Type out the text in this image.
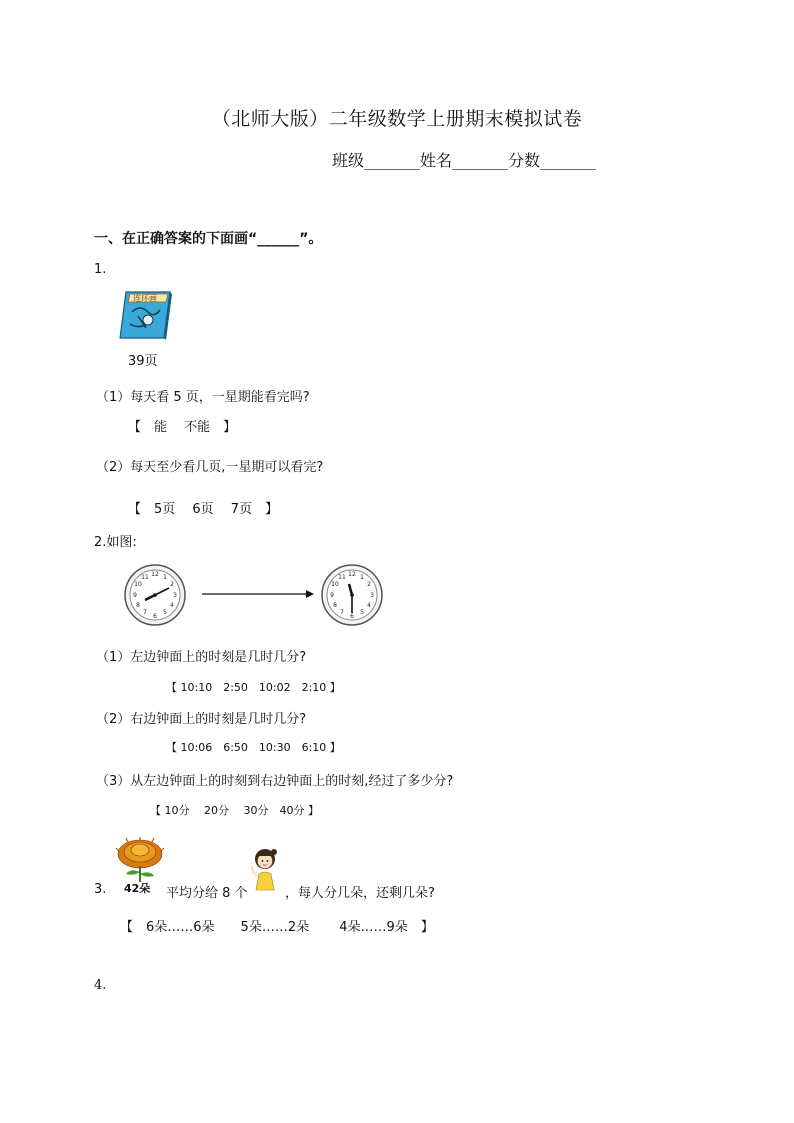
（北师大版）二年级数学上册期末模拟试卷
班级_______姓名_______分数_______
一、在正确答案的下面画“______”。
1.
连环画
39页
（1）每天看 5 页，一星期能看完吗?
【　能　 不能　】
（2）每天至少看几页,一星期可以看完?
【　5页　 6页　 7页　】
2.如图:
12 1
2
3
4
5
6
7
8
9
10
11	12 1
2
3
4
5
6
7
8
9
10
11
（1）左边钟面上的时刻是几时几分?
【 10:10　2:50　10:02　2:10 】
（2）右边钟面上的时刻是几时几分?
【 10:06　6:50　10:30　6:10 】
（3）从左边钟面上的时刻到右边钟面上的时刻,经过了多少分?
【 10分　 20分　 30分　40分 】
3. 42朵 平均分给 8 个	，每人分几朵，还剩几朵?
【　6朵……6朵　　5朵……2朵　　 4朵……9朵　】
4.
